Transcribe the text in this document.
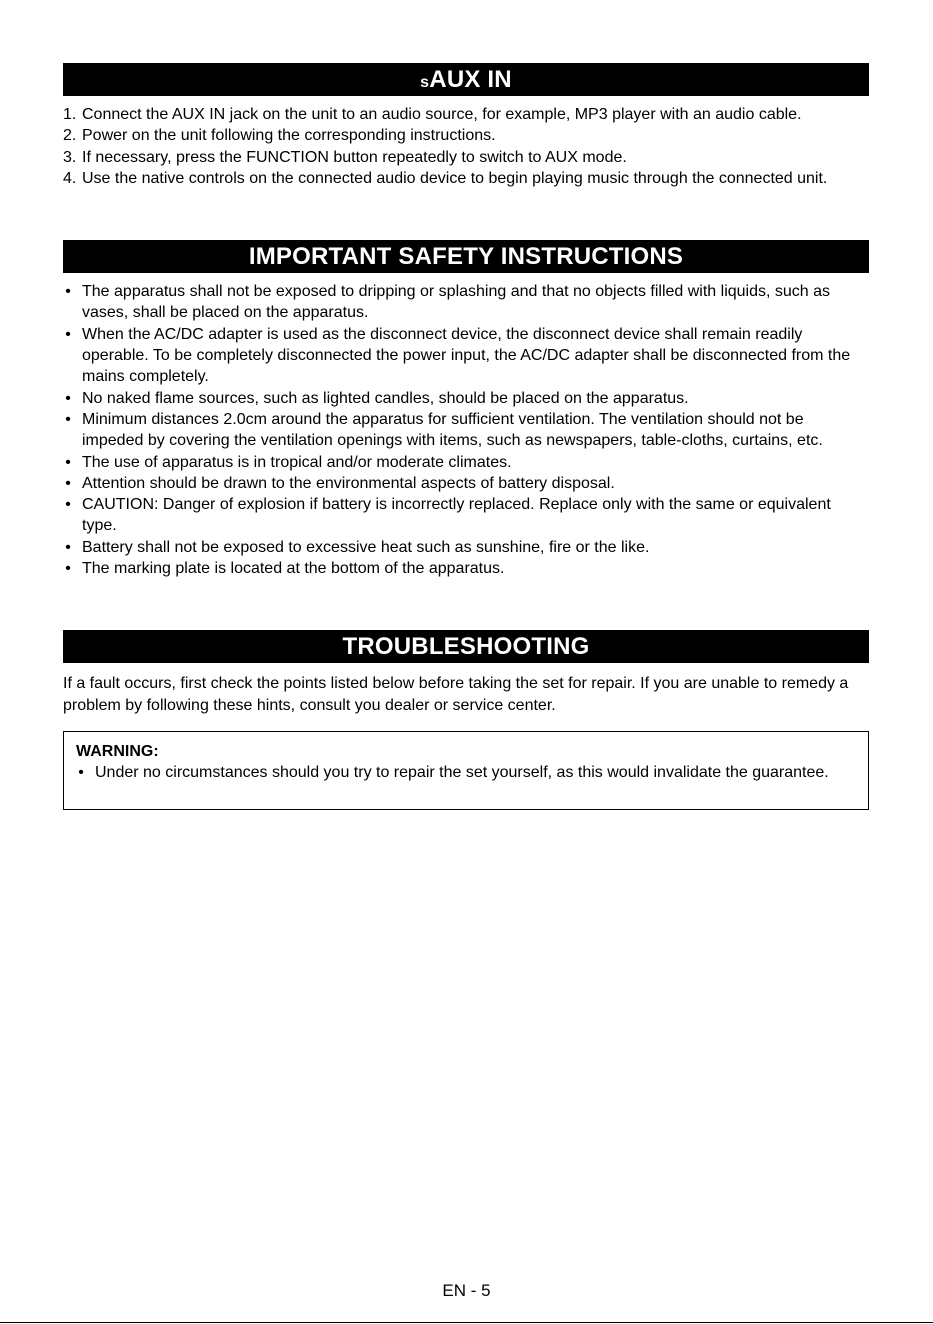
sAUX IN
1. Connect the AUX IN jack on the unit to an audio source, for example, MP3 player with an audio cable.
2. Power on the unit following the corresponding instructions.
3. If necessary, press the FUNCTION button repeatedly to switch to AUX mode.
4. Use the native controls on the connected audio device to begin playing music through the connected unit.
IMPORTANT SAFETY INSTRUCTIONS
• The apparatus shall not be exposed to dripping or splashing and that no objects filled with liquids, such as vases, shall be placed on the apparatus.
• When the AC/DC adapter is used as the disconnect device, the disconnect device shall remain readily operable. To be completely disconnected the power input, the AC/DC adapter shall be disconnected from the mains completely.
• No naked flame sources, such as lighted candles, should be placed on the apparatus.
• Minimum distances 2.0cm around the apparatus for sufficient ventilation. The ventilation should not be impeded by covering the ventilation openings with items, such as newspapers, table-cloths, curtains, etc.
• The use of apparatus is in tropical and/or moderate climates.
• Attention should be drawn to the environmental aspects of battery disposal.
• CAUTION: Danger of explosion if battery is incorrectly replaced. Replace only with the same or equivalent type.
• Battery shall not be exposed to excessive heat such as sunshine, fire or the like.
• The marking plate is located at the bottom of the apparatus.
TROUBLESHOOTING

If a fault occurs, first check the points listed below before taking the set for repair. If you are unable to remedy a problem by following these hints, consult you dealer or service center.

WARNING:
• Under no circumstances should you try to repair the set yourself, as this would invalidate the guarantee.
EN - 5
